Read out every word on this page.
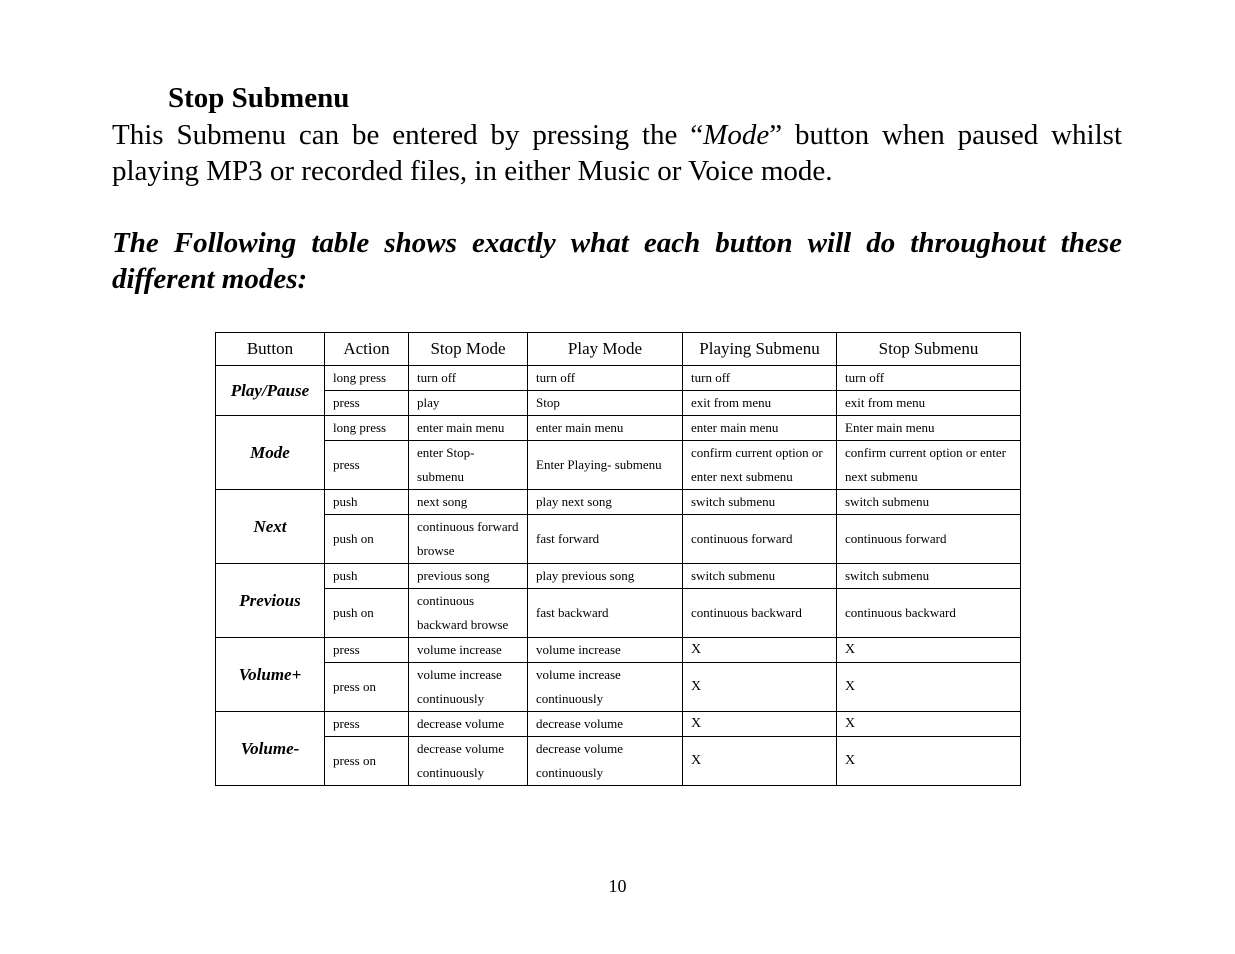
Stop Submenu

This Submenu can be entered by pressing the “Mode” button when paused whilst playing MP3 or recorded files, in either Music or Voice mode.

The Following table shows exactly what each button will do throughout these different modes:

Button	Action	Stop Mode	Play Mode	Playing Submenu	Stop Submenu
Play/Pause	long press	turn off	turn off	turn off	turn off
	press	play	Stop	exit from menu	exit from menu
Mode	long press	enter main menu	enter main menu	enter main menu	Enter main menu
	press	enter Stop- submenu	Enter Playing- submenu	confirm current option or enter next submenu	confirm current option or enter next submenu
Next	push	next song	play next song	switch submenu	switch submenu
	push on	continuous forward browse	fast forward	continuous forward	continuous forward
Previous	push	previous song	play previous song	switch submenu	switch submenu
	push on	continuous backward browse	fast backward	continuous backward	continuous backward
Volume+	press	volume increase	volume increase	X	X
	press on	volume increase continuously	volume increase continuously	X	X
Volume-	press	decrease volume	decrease volume	X	X
	press on	decrease volume continuously	decrease volume continuously	X	X
10
